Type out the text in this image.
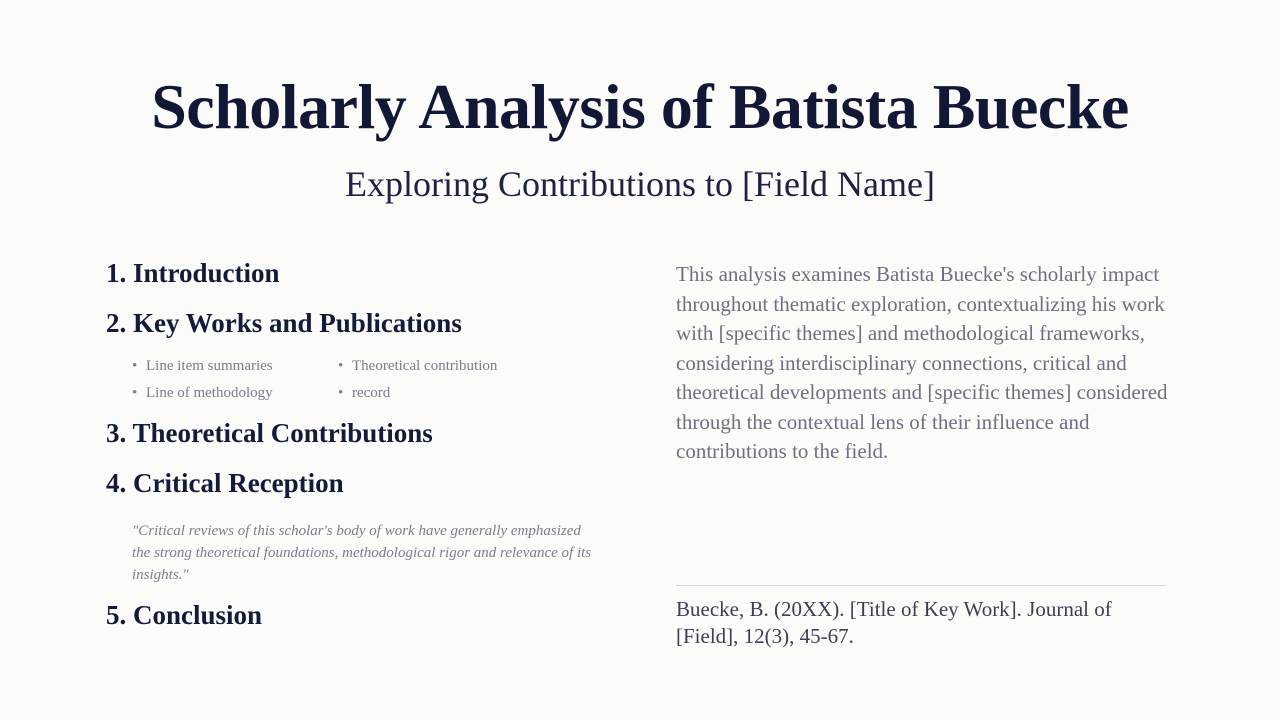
Scholarly Analysis of Batista Buecke
Exploring Contributions to [Field Name]
1. Introduction
2. Key Works and Publications
• Line item summaries	• Theoretical contribution
• Line of methodology	• record
3. Theoretical Contributions
4. Critical Reception
"Critical reviews of this scholar's body of work have generally emphasized the strong theoretical foundations, methodological rigor and relevance of its insights."
5. Conclusion
This analysis examines Batista Buecke's scholarly impact throughout thematic exploration, contextualizing his work with [specific themes] and methodological frameworks, considering interdisciplinary connections, critical and theoretical developments and [specific themes] considered through the contextual lens of their influence and contributions to the field.
Buecke, B. (20XX). [Title of Key Work]. Journal of [Field], 12(3), 45-67.
